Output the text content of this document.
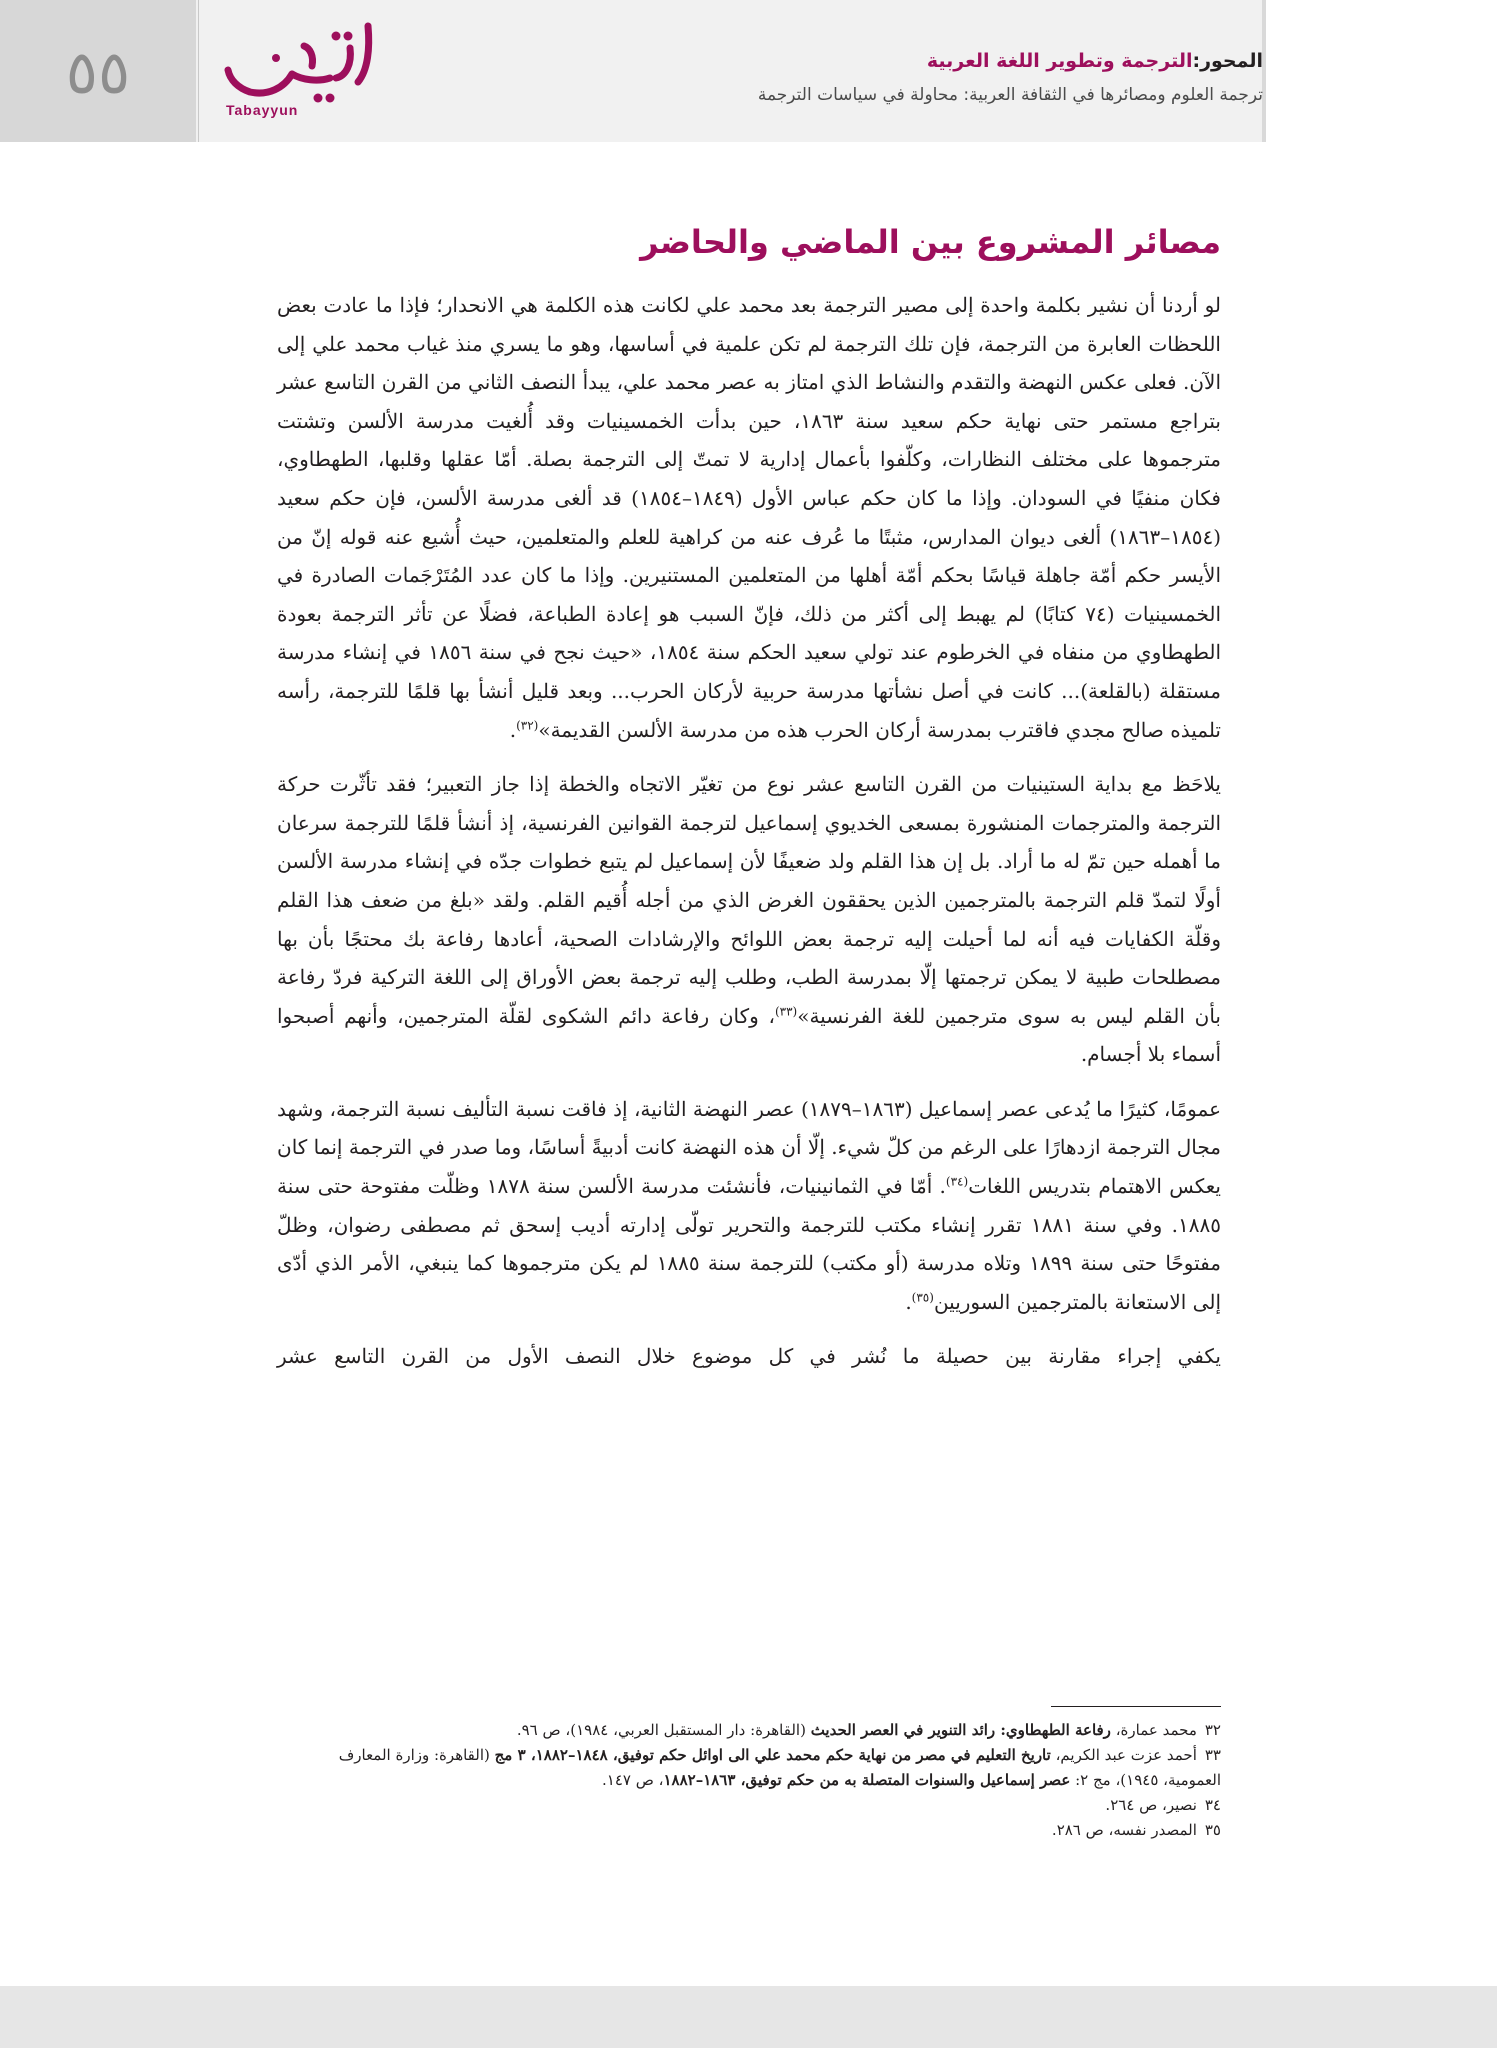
٥٥
Tabayyun
المحور:الترجمة وتطوير اللغة العربية
ترجمة العلوم ومصائرها في الثقافة العربية: محاولة في سياسات الترجمة
مصائر المشروع بين الماضي والحاضر

لو أردنا أن نشير بكلمة واحدة إلى مصير الترجمة بعد محمد علي لكانت هذه الكلمة هي الانحدار؛ فإذا ما عادت بعض اللحظات العابرة من الترجمة، فإن تلك الترجمة لم تكن علمية في أساسها، وهو ما يسري منذ غياب محمد علي إلى الآن. فعلى عكس النهضة والتقدم والنشاط الذي امتاز به عصر محمد علي، يبدأ النصف الثاني من القرن التاسع عشر بتراجع مستمر حتى نهاية حكم سعيد سنة ١٨٦٣، حين بدأت الخمسينيات وقد أُلغيت مدرسة الألسن وتشتت مترجموها على مختلف النظارات، وكلّفوا بأعمال إدارية لا تمتّ إلى الترجمة بصلة. أمّا عقلها وقلبها، الطهطاوي، فكان منفيًا في السودان. وإذا ما كان حكم عباس الأول (١٨٤٩–١٨٥٤) قد ألغى مدرسة الألسن، فإن حكم سعيد (١٨٥٤–١٨٦٣) ألغى ديوان المدارس، مثبتًا ما عُرف عنه من كراهية للعلم والمتعلمين، حيث أُشيع عنه قوله إنّ من الأيسر حكم أمّة جاهلة قياسًا بحكم أمّة أهلها من المتعلمين المستنيرين. وإذا ما كان عدد المُتَرْجَمات الصادرة في الخمسينيات (٧٤ كتابًا) لم يهبط إلى أكثر من ذلك، فإنّ السبب هو إعادة الطباعة، فضلًا عن تأثر الترجمة بعودة الطهطاوي من منفاه في الخرطوم عند تولي سعيد الحكم سنة ١٨٥٤، «حيث نجح في سنة ١٨٥٦ في إنشاء مدرسة مستقلة (بالقلعة)... كانت في أصل نشأتها مدرسة حربية لأركان الحرب... وبعد قليل أنشأ بها قلمًا للترجمة، رأسه تلميذه صالح مجدي فاقترب بمدرسة أركان الحرب هذه من مدرسة الألسن القديمة»$^{(٣٢)}$.

يلاحَظ مع بداية الستينيات من القرن التاسع عشر نوع من تغيّر الاتجاه والخطة إذا جاز التعبير؛ فقد تأثّرت حركة الترجمة والمترجمات المنشورة بمسعى الخديوي إسماعيل لترجمة القوانين الفرنسية، إذ أنشأ قلمًا للترجمة سرعان ما أهمله حين تمّ له ما أراد. بل إن هذا القلم ولد ضعيفًا لأن إسماعيل لم يتبع خطوات جدّه في إنشاء مدرسة الألسن أولًا لتمدّ قلم الترجمة بالمترجمين الذين يحققون الغرض الذي من أجله أُقيم القلم. ولقد «بلغ من ضعف هذا القلم وقلّة الكفايات فيه أنه لما أحيلت إليه ترجمة بعض اللوائح والإرشادات الصحية، أعادها رفاعة بك محتجًا بأن بها مصطلحات طبية لا يمكن ترجمتها إلّا بمدرسة الطب، وطلب إليه ترجمة بعض الأوراق إلى اللغة التركية فردّ رفاعة بأن القلم ليس به سوى مترجمين للغة الفرنسية»$^{(٣٣)}$، وكان رفاعة دائم الشكوى لقلّة المترجمين، وأنهم أصبحوا أسماء بلا أجسام.

عمومًا، كثيرًا ما يُدعى عصر إسماعيل (١٨٦٣–١٨٧٩) عصر النهضة الثانية، إذ فاقت نسبة التأليف نسبة الترجمة، وشهد مجال الترجمة ازدهارًا على الرغم من كلّ شيء. إلّا أن هذه النهضة كانت أدبيةً أساسًا، وما صدر في الترجمة إنما كان يعكس الاهتمام بتدريس اللغات$^{(٣٤)}$. أمّا في الثمانينيات، فأنشئت مدرسة الألسن سنة ١٨٧٨ وظلّت مفتوحة حتى سنة ١٨٨٥. وفي سنة ١٨٨١ تقرر إنشاء مكتب للترجمة والتحرير تولّى إدارته أديب إسحق ثم مصطفى رضوان، وظلّ مفتوحًا حتى سنة ١٨٩٩ وتلاه مدرسة (أو مكتب) للترجمة سنة ١٨٨٥ لم يكن مترجموها كما ينبغي، الأمر الذي أدّى إلى الاستعانة بالمترجمين السوريين$^{(٣٥)}$.

يكفي إجراء مقارنة بين حصيلة ما نُشر في كل موضوع خلال النصف الأول من القرن التاسع عشر

٣٢محمد عمارة، رفاعة الطهطاوي: رائد التنوير في العصر الحديث (القاهرة: دار المستقبل العربي، ١٩٨٤)، ص ٩٦.
٣٣أحمد عزت عبد الكريم، تاريخ التعليم في مصر من نهاية حكم محمد علي الى اوائل حكم توفيق، ١٨٤٨–١٨٨٢، ٣ مج (القاهرة: وزارة المعارف العمومية، ١٩٤٥)، مج ٢: عصر إسماعيل والسنوات المتصلة به من حكم توفيق، ١٨٦٣–١٨٨٢، ص ١٤٧.
٣٤نصير، ص ٢٦٤.
٣٥المصدر نفسه، ص ٢٨٦.
